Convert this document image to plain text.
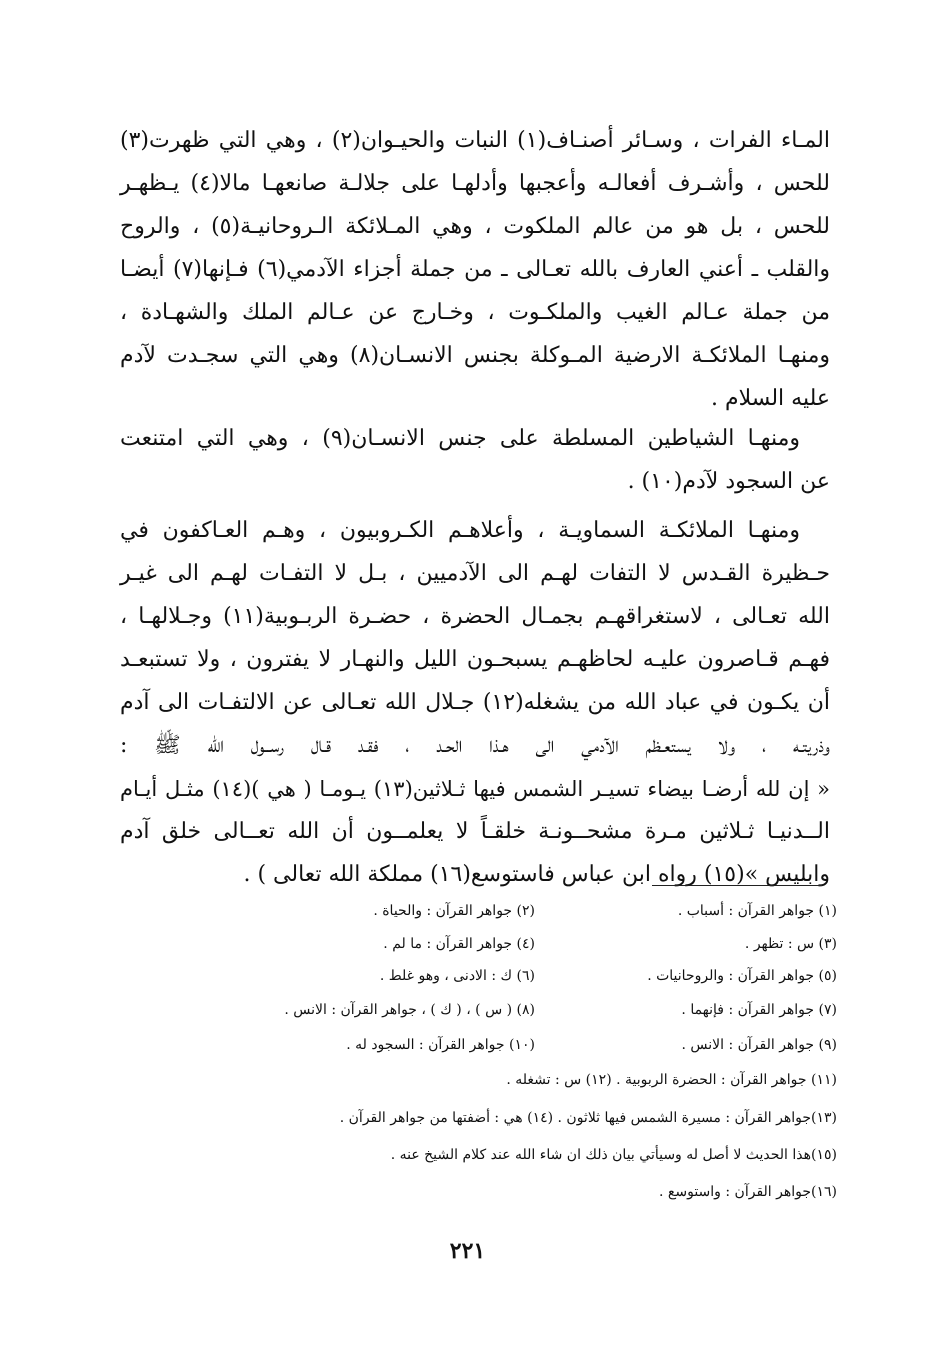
المـاء الفرات ، وسـائر أصنـاف(١) النبات والحيـوان(٢) ، وهي التي ظهرت(٣)
للحس ، وأشـرف أفعالـه وأعجبها وأدلهـا على جلالـة صانعهـا مالا(٤) يـظهـر
للحس ، بل هو من عالم الملكوت ، وهي المـلائكة الـروحانيـة(٥) ، والروح
والقلب ـ أعني العارف بالله تعـالى ـ من جملة أجزاء الآدمي(٦) فـإنها(٧) أيضـا
من جملة عـالم الغيب والملكـوت ، وخـارج عن عـالم الملك والشهـادة ،
ومنهـا الملائكـة الارضية المـوكلة بجنس الانسـان(٨) وهي التي سجـدت لآدم
عليه السلام .
ومنهـا الشياطين المسلطة على جنس الانسـان(٩) ، وهي التي امتنعت
عن السجود لآدم(١٠) .
ومنهـا الملائكـة السماويـة ، وأعلاهـم الكـروبيون ، وهـم العـاكفون في
حـظيرة القـدس لا التفات لهـم الى الآدميين ، بـل لا التفـات لهـم الى غيـر
الله تعـالى ، لاستغراقهـم بجمـال الحضرة ، حضـرة الربـوبية(١١) وجـلالهـا ،
فهـم قـاصرون عليـه لحاظهـم يسبحـون الليل والنهـار لا يفترون ، ولا تستبعـد
أن يكـون في عباد الله من يشغله(١٢) جـلال الله تعـالى عن الالتفـات الى آدم
وذريتـه ، ولا يستعـظم الآدمي الى هـذا الحـد ، فقـد قـال رســول الله ﷺ :
« إن لله أرضـا بيضاء تسيـر الشمس فيها ثـلاثين(١٣) يـومـا ( هي )(١٤) مثـل أيـام
الــدنيـا ثـلاثين مـرة مشحــونـة خلقـاً لا يعلمــون أن الله تعــالى خلق آدم
وابليس »(١٥) رواه ابن عباس فاستوسع(١٦) مملكة الله تعالى ) .
(١) جواهر القرآن : أسباب .
(٢) جواهر القرآن : والحياة .
(٣) س : تظهر .
(٤) جواهر القرآن : ما لم .
(٥) جواهر القرآن : والروحانيات .
(٦) ك : الادنى ، وهو غلط .
(٧) جواهر القرآن : فإنهما .
(٨) ( س ) ، ( ك ) ، جواهر القرآن : الانس .
(٩) جواهر القرآن : الانس .
(١٠) جواهر القرآن : السجود له .
(١١) جواهر القرآن : الحضرة الربوبية . (١٢) س : تشغله .
(١٣)جواهر القرآن : مسيرة الشمس فيها ثلاثون . (١٤) هي : أضفتها من جواهر القرآن .
(١٥)هذا الحديث لا أصل له وسيأتي بيان ذلك ان شاء الله عند كلام الشيخ عنه .
(١٦)جواهر القرآن : واستوسع .
٢٢١
